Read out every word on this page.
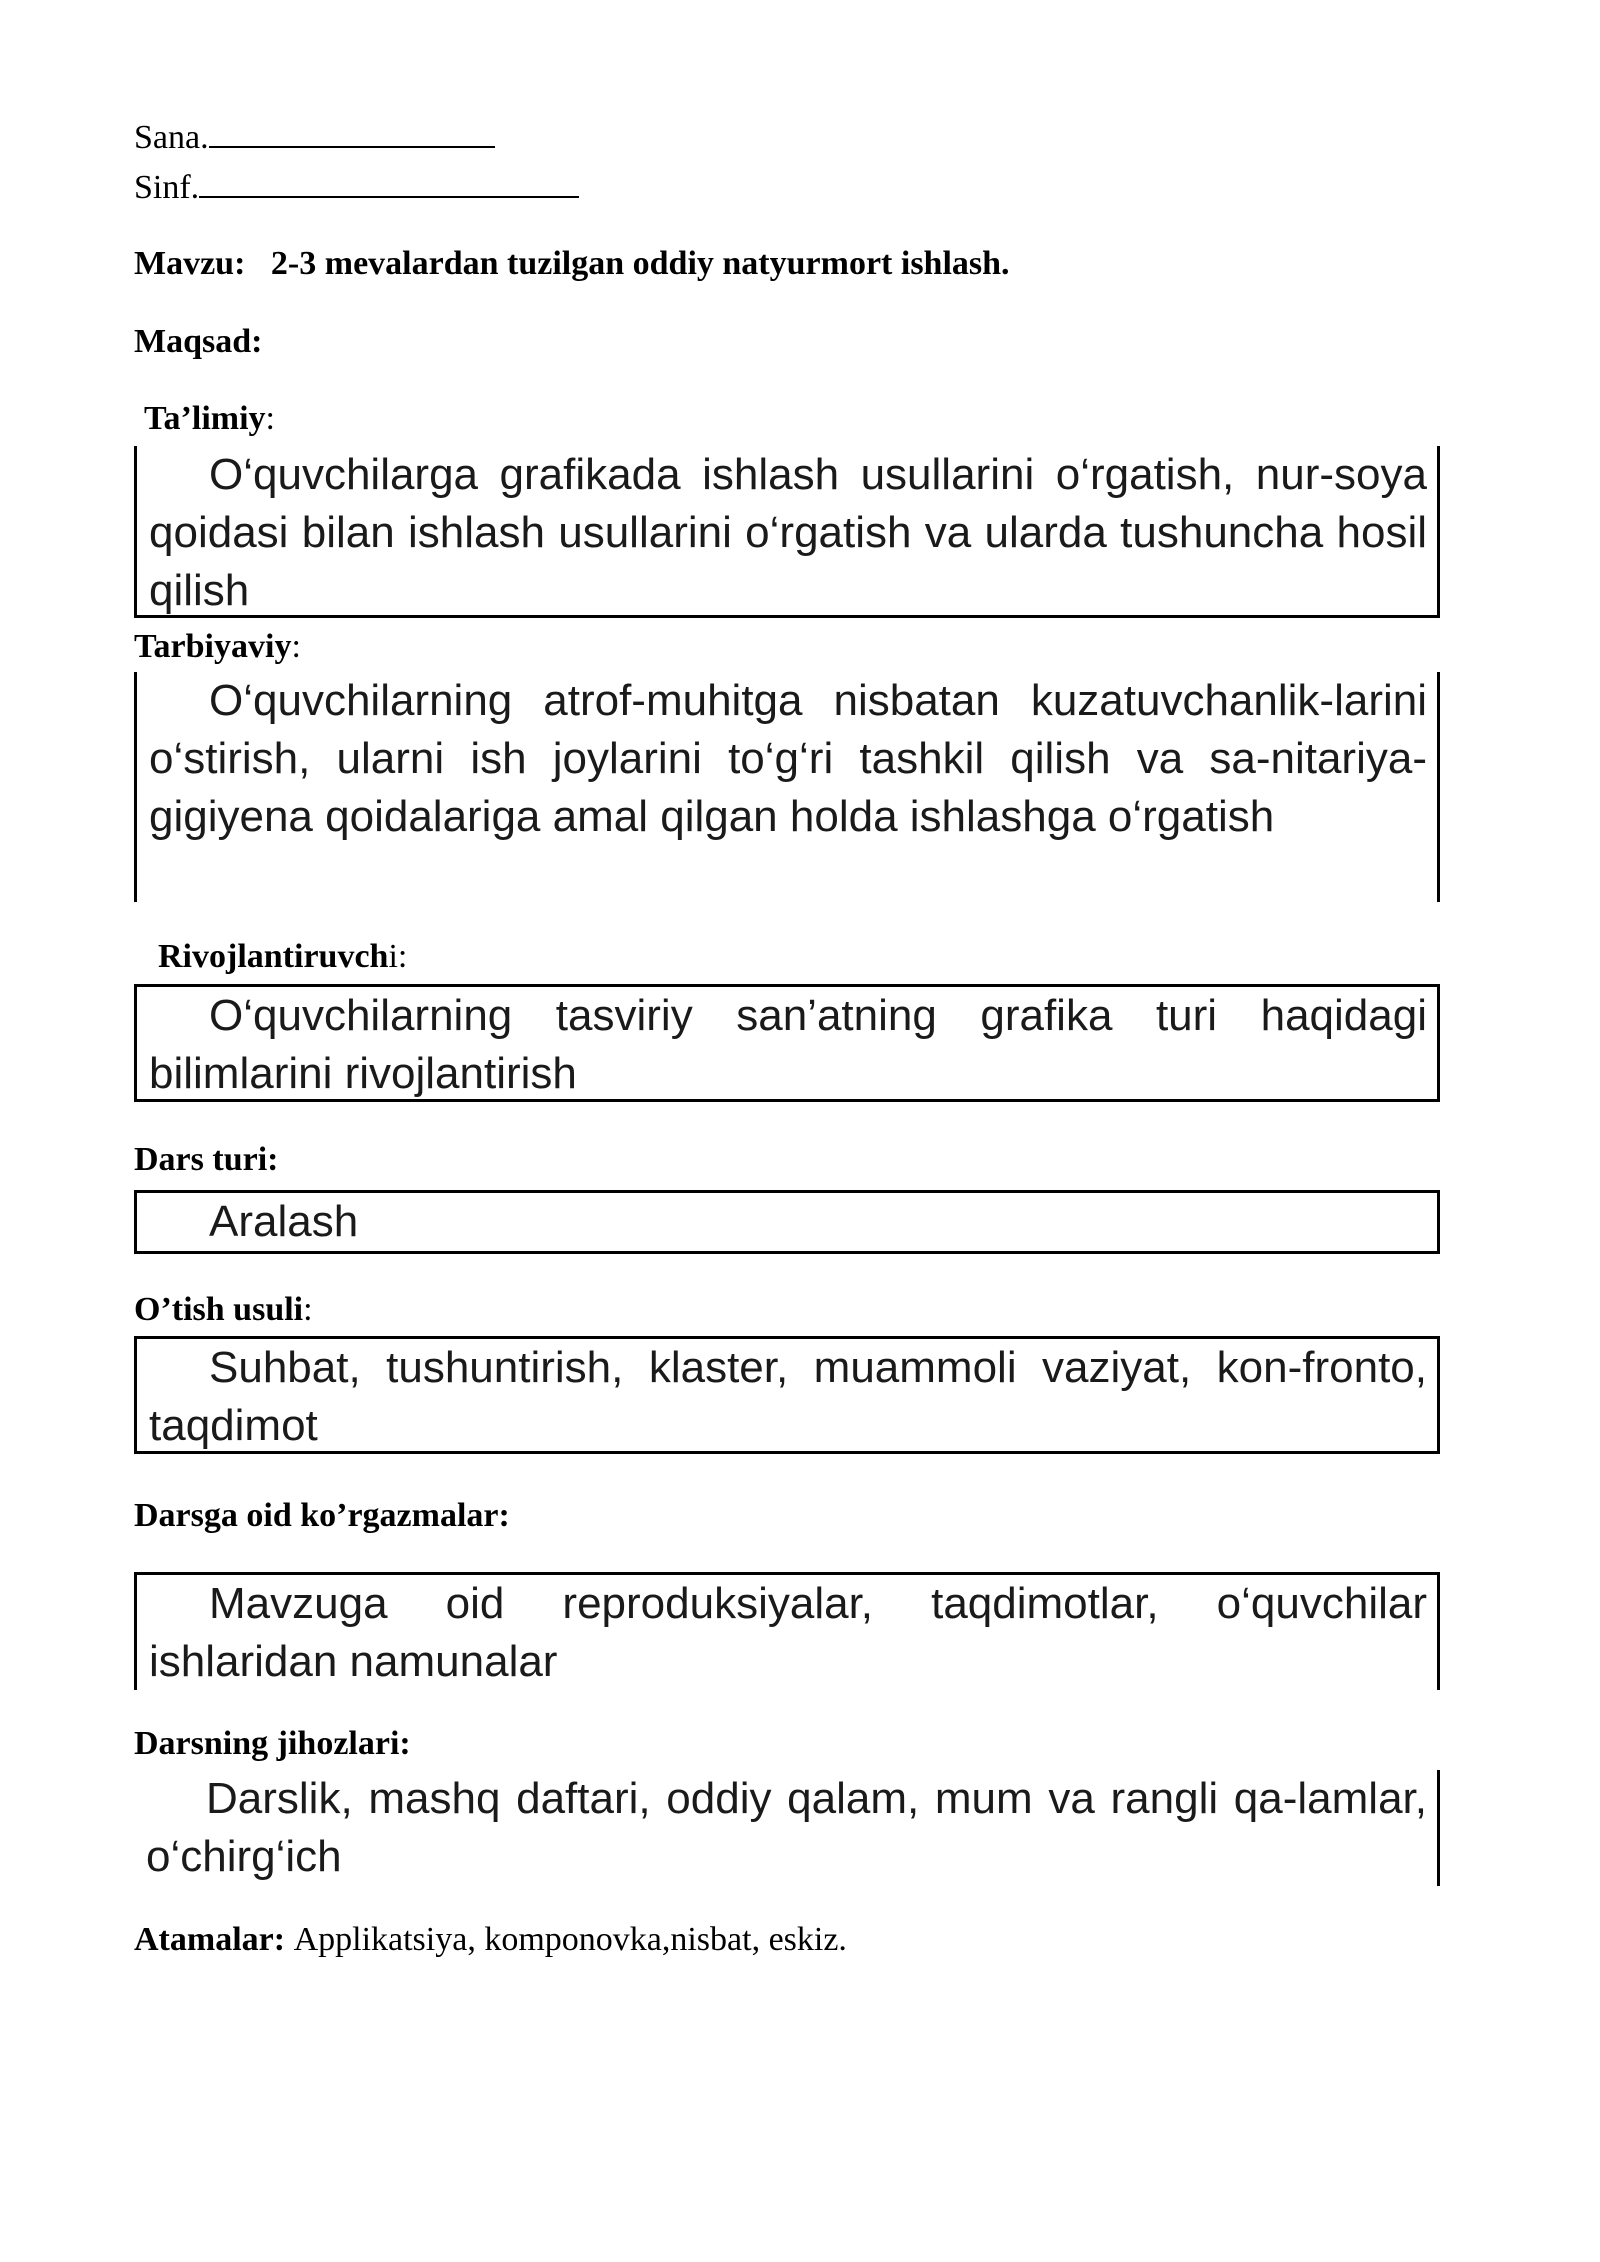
Sana.
Sinf.
Mavzu: 2-3 mevalardan tuzilgan oddiy natyurmort ishlash.
Maqsad:
Ta’limiy:

O‘quvchilarga grafikada ishlash usullarini o‘rgatish, nur-soya qoidasi bilan ishlash usullarini o‘rgatish va ularda tushuncha hosil qilish

Tarbiyaviy:

O‘quvchilarning atrof-muhitga nisbatan kuzatuvchanlik-larini o‘stirish, ularni ish joylarini to‘g‘ri tashkil qilish va sa-nitariya-gigiyena qoidalariga amal qilgan holda ishlashga o‘rgatish

Rivojlantiruvchi:

O‘quvchilarning tasviriy san’atning grafika turi haqidagi bilimlarini rivojlantirish

Dars turi:

Aralash

O’tish usuli:

Suhbat, tushuntirish, klaster, muammoli vaziyat, kon-fronto, taqdimot

Darsga oid ko’rgazmalar:

Mavzuga oid reproduksiyalar, taqdimotlar, o‘quvchilar ishlaridan namunalar

Darsning jihozlari:

Darslik, mashq daftari, oddiy qalam, mum va rangli qa-lamlar, o‘chirg‘ich

Atamalar: Applikatsiya, komponovka,nisbat, eskiz.
